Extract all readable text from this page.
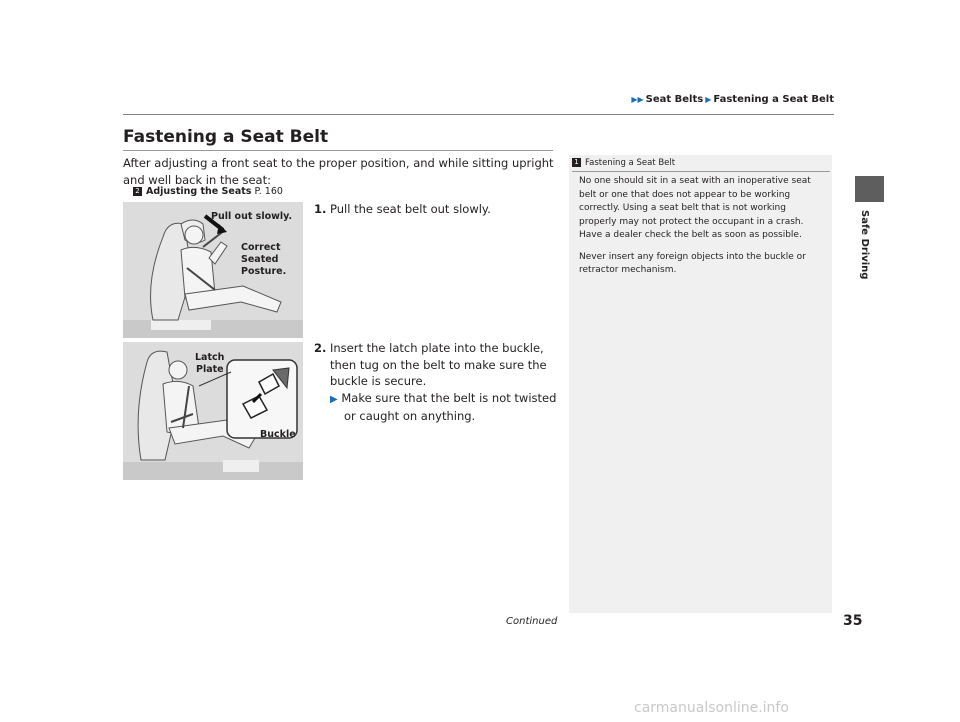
▶▶ Seat Belts ▶ Fastening a Seat Belt
Safe Driving
Fastening a Seat Belt
After adjusting a front seat to the proper position, and while sitting upright and well back in the seat:
2 Adjusting the Seats P. 160
Pull out slowly.
Correct
Seated
Posture.
Latch
Plate
Buckle
1. Pull the seat belt out slowly.
2. Insert the latch plate into the buckle, then tug on the belt to make sure the buckle is secure.
▶ Make sure that the belt is not twisted or caught on anything.
1 Fastening a Seat Belt

No one should sit in a seat with an inoperative seat belt or one that does not appear to be working correctly. Using a seat belt that is not working properly may not protect the occupant in a crash. Have a dealer check the belt as soon as possible.

Never insert any foreign objects into the buckle or retractor mechanism.

Continued	35
carmanualsonline.info
